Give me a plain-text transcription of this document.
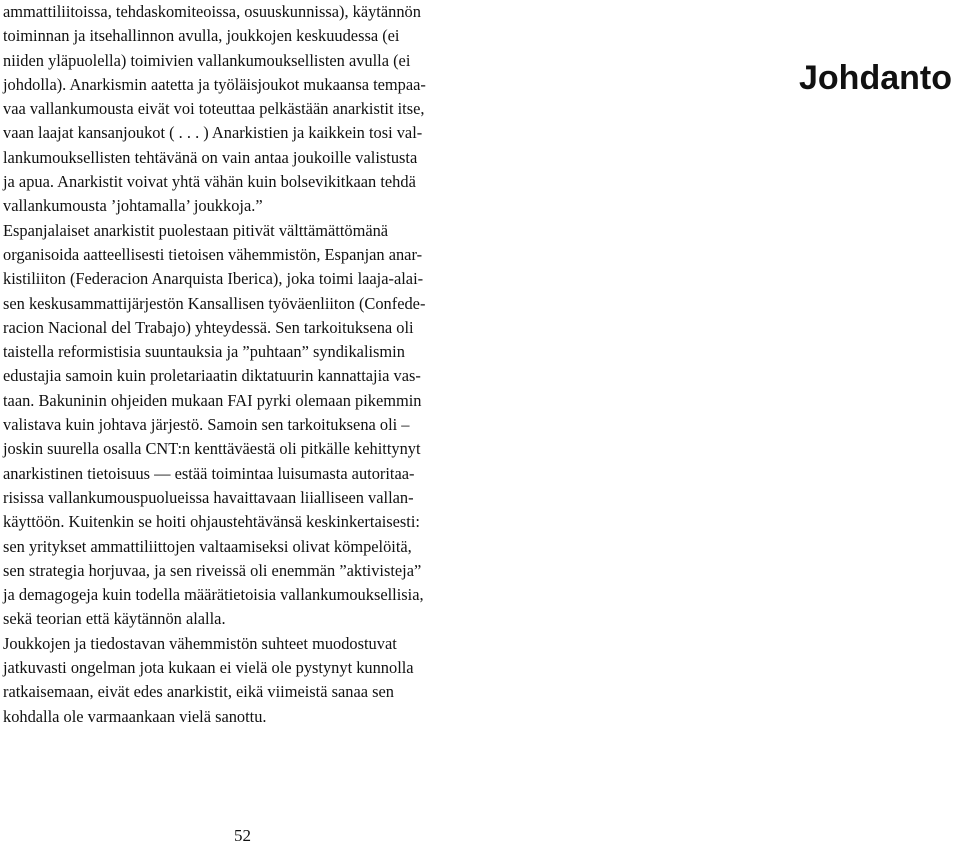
ammattiliitoissa, tehdaskomiteoissa, osuuskunnissa), käytännön
toiminnan ja itsehallinnon avulla, joukkojen keskuudessa (ei
niiden yläpuolella) toimivien vallankumouksellisten avulla (ei
johdolla). Anarkismin aatetta ja työläisjoukot mukaansa tempaa-
vaa vallankumousta eivät voi toteuttaa pelkästään anarkistit itse,
vaan laajat kansanjoukot ( . . . ) Anarkistien ja kaikkein tosi val-
lankumouksellisten tehtävänä on vain antaa joukoille valistusta
ja apua. Anarkistit voivat yhtä vähän kuin bolsevikitkaan tehdä
vallankumousta ’johtamalla’ joukkoja.”
Espanjalaiset anarkistit puolestaan pitivät välttämättömänä
organisoida aatteellisesti tietoisen vähemmistön, Espanjan anar-
kistiliiton (Federacion Anarquista Iberica), joka toimi laaja-alai-
sen keskusammattijärjestön Kansallisen työväenliiton (Confede-
racion Nacional del Trabajo) yhteydessä. Sen tarkoituksena oli
taistella reformistisia suuntauksia ja ”puhtaan” syndikalismin
edustajia samoin kuin proletariaatin diktatuurin kannattajia vas-
taan. Bakuninin ohjeiden mukaan FAI pyrki olemaan pikemmin
valistava kuin johtava järjestö. Samoin sen tarkoituksena oli –
joskin suurella osalla CNT:n kenttäväestä oli pitkälle kehittynyt
anarkistinen tietoisuus — estää toimintaa luisumasta autoritaa-
risissa vallankumouspuolueissa havaittavaan liialliseen vallan-
käyttöön. Kuitenkin se hoiti ohjaustehtävänsä keskinkertaisesti:
sen yritykset ammattiliittojen valtaamiseksi olivat kömpelöitä,
sen strategia horjuvaa, ja sen riveissä oli enemmän ”aktivisteja”
ja demagogeja kuin todella määrätietoisia vallankumouksellisia,
sekä teorian että käytännön alalla.
Joukkojen ja tiedostavan vähemmistön suhteet muodostuvat
jatkuvasti ongelman jota kukaan ei vielä ole pystynyt kunnolla
ratkaisemaan, eivät edes anarkistit, eikä viimeistä sanaa sen
kohdalla ole varmaankaan vielä sanottu.
Johdanto
52
